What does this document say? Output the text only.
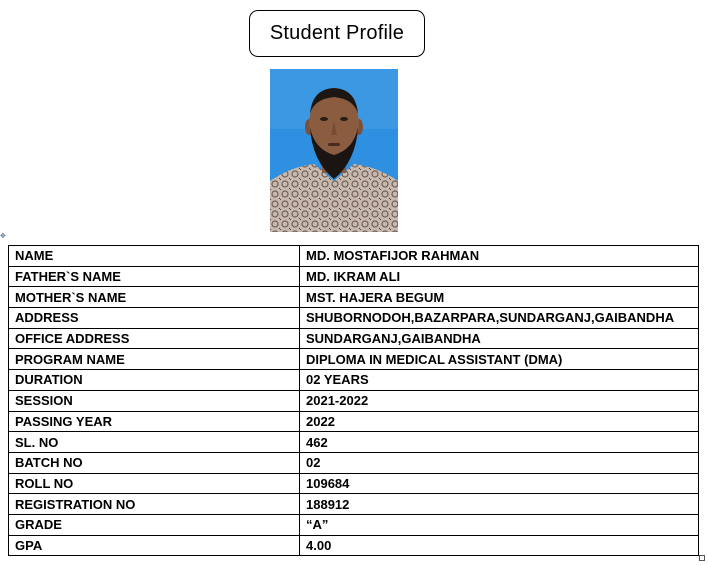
Student Profile
✥
NAME	MD. MOSTAFIJOR RAHMAN
FATHER`S NAME	MD. IKRAM ALI
MOTHER`S NAME	MST. HAJERA BEGUM
ADDRESS	SHUBORNODOH,BAZARPARA,SUNDARGANJ,GAIBANDHA
OFFICE ADDRESS	SUNDARGANJ,GAIBANDHA
PROGRAM NAME	DIPLOMA IN MEDICAL ASSISTANT (DMA)
DURATION	02 YEARS
SESSION	2021-2022
PASSING YEAR	2022
SL. NO	462
BATCH NO	02
ROLL NO	109684
REGISTRATION NO	188912
GRADE	“A”
GPA	4.00
